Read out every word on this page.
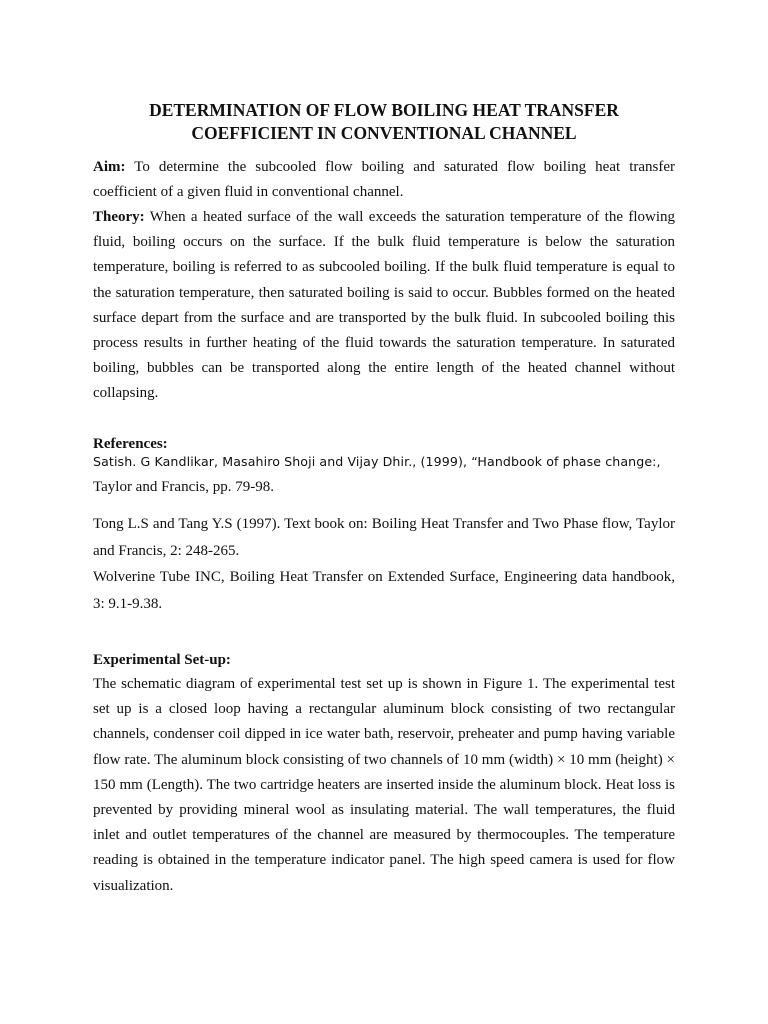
DETERMINATION OF FLOW BOILING HEAT TRANSFER
COEFFICIENT IN CONVENTIONAL CHANNEL

Aim: To determine the subcooled flow boiling and saturated flow boiling heat transfer coefficient of a given fluid in conventional channel.

Theory: When a heated surface of the wall exceeds the saturation temperature of the flowing fluid, boiling occurs on the surface. If the bulk fluid temperature is below the saturation temperature, boiling is referred to as subcooled boiling. If the bulk fluid temperature is equal to the saturation temperature, then saturated boiling is said to occur. Bubbles formed on the heated surface depart from the surface and are transported by the bulk fluid. In subcooled boiling this process results in further heating of the fluid towards the saturation temperature. In saturated boiling, bubbles can be transported along the entire length of the heated channel without collapsing.

References:

Satish. G Kandlikar, Masahiro Shoji and Vijay Dhir., (1999), “Handbook of phase change:,
Taylor and Francis, pp. 79-98.

Tong L.S and Tang Y.S (1997). Text book on: Boiling Heat Transfer and Two Phase flow, Taylor and Francis, 2: 248-265.

Wolverine Tube INC, Boiling Heat Transfer on Extended Surface, Engineering data handbook, 3: 9.1-9.38.

Experimental Set-up:

The schematic diagram of experimental test set up is shown in Figure 1. The experimental test set up is a closed loop having a rectangular aluminum block consisting of two rectangular channels, condenser coil dipped in ice water bath, reservoir, preheater and pump having variable flow rate. The aluminum block consisting of two channels of 10 mm (width) × 10 mm (height) × 150 mm (Length). The two cartridge heaters are inserted inside the aluminum block. Heat loss is prevented by providing mineral wool as insulating material. The wall temperatures, the fluid inlet and outlet temperatures of the channel are measured by thermocouples. The temperature reading is obtained in the temperature indicator panel. The high speed camera is used for flow visualization.
